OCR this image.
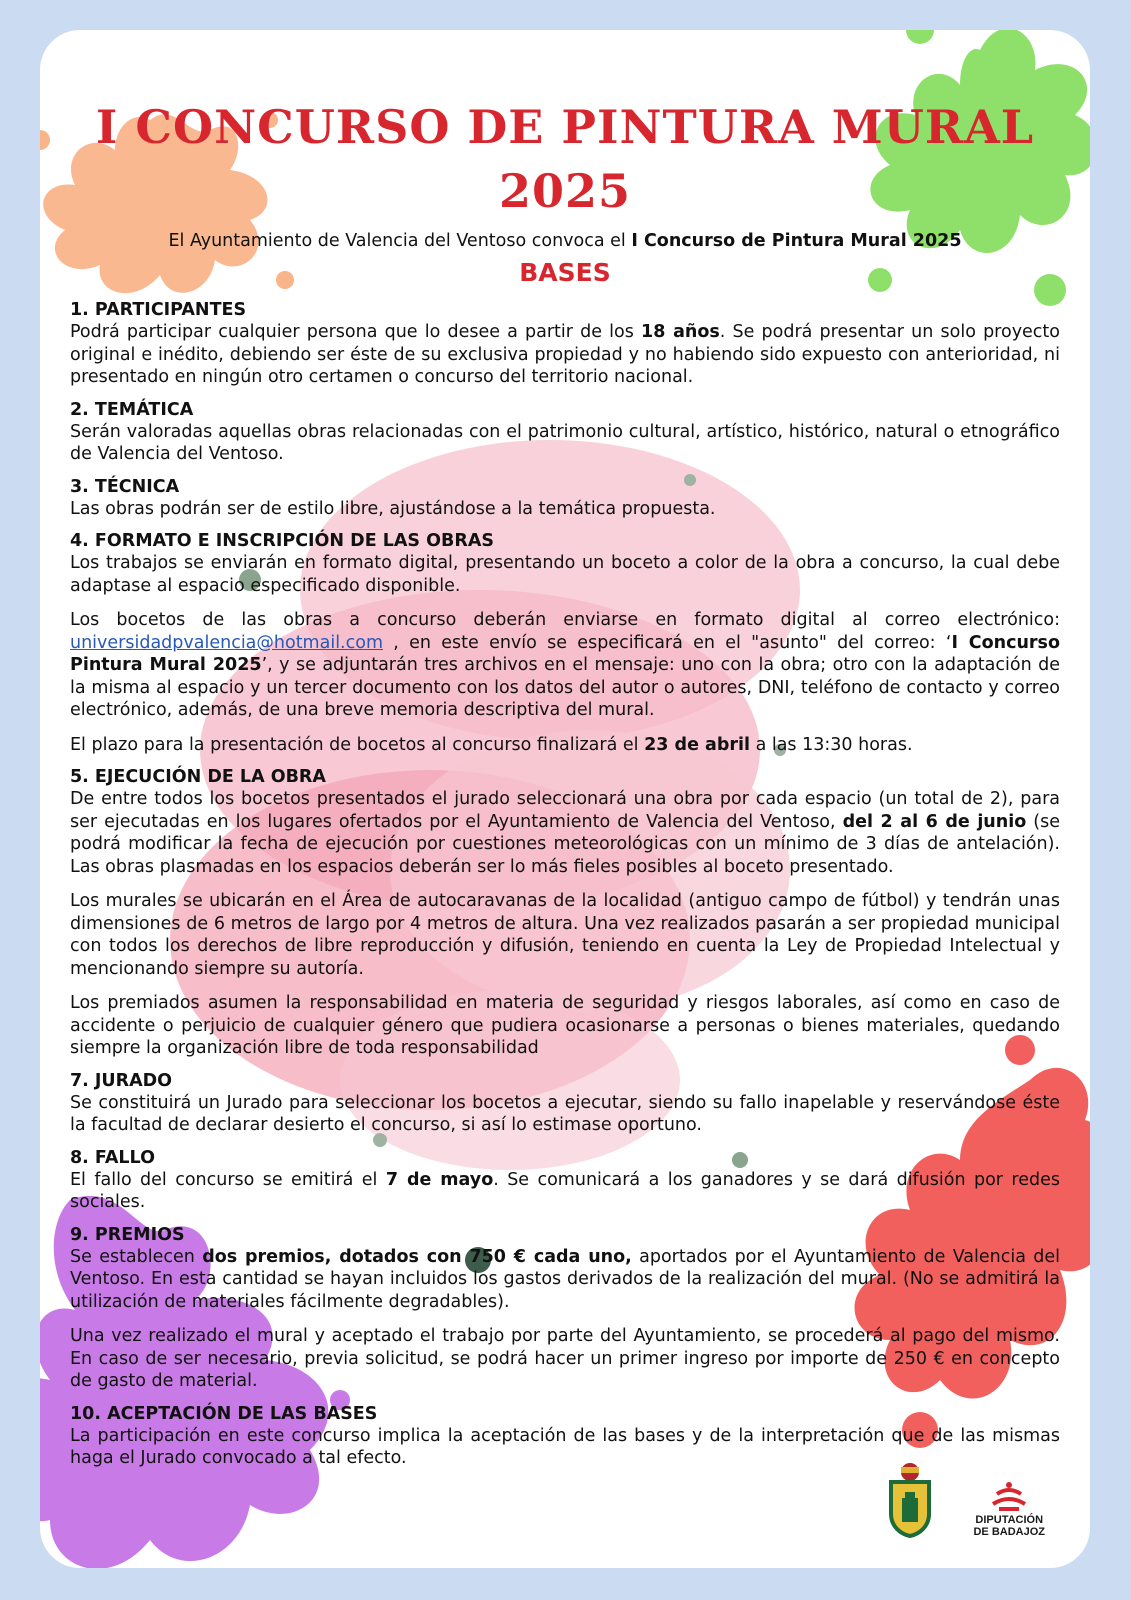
I CONCURSO DE PINTURA MURAL 2025
El Ayuntamiento de Valencia del Ventoso convoca el I Concurso de Pintura Mural 2025
BASES
1. PARTICIPANTES

Podrá participar cualquier persona que lo desee a partir de los 18 años. Se podrá presentar un solo proyecto original e inédito, debiendo ser éste de su exclusiva propiedad y no habiendo sido expuesto con anterioridad, ni presentado en ningún otro certamen o concurso del territorio nacional.

2. TEMÁTICA

Serán valoradas aquellas obras relacionadas con el patrimonio cultural, artístico, histórico, natural o etnográfico de Valencia del Ventoso.

3. TÉCNICA

Las obras podrán ser de estilo libre, ajustándose a la temática propuesta.

4. FORMATO E INSCRIPCIÓN DE LAS OBRAS

Los trabajos se enviarán en formato digital, presentando un boceto a color de la obra a concurso, la cual debe adaptase al espacio especificado disponible.

Los bocetos de las obras a concurso deberán enviarse en formato digital al correo electrónico: universidadpvalencia@hotmail.com , en este envío se especificará en el "asunto" del correo: ‘I Concurso Pintura Mural 2025’, y se adjuntarán tres archivos en el mensaje: uno con la obra; otro con la adaptación de la misma al espacio y un tercer documento con los datos del autor o autores, DNI, teléfono de contacto y correo electrónico, además, de una breve memoria descriptiva del mural.

El plazo para la presentación de bocetos al concurso finalizará el 23 de abril a las 13:30 horas.

5. EJECUCIÓN DE LA OBRA

De entre todos los bocetos presentados el jurado seleccionará una obra por cada espacio (un total de 2), para ser ejecutadas en los lugares ofertados por el Ayuntamiento de Valencia del Ventoso, del 2 al 6 de junio (se podrá modificar la fecha de ejecución por cuestiones meteorológicas con un mínimo de 3 días de antelación). Las obras plasmadas en los espacios deberán ser lo más fieles posibles al boceto presentado.

Los murales se ubicarán en el Área de autocaravanas de la localidad (antiguo campo de fútbol) y tendrán unas dimensiones de 6 metros de largo por 4 metros de altura. Una vez realizados pasarán a ser propiedad municipal con todos los derechos de libre reproducción y difusión, teniendo en cuenta la Ley de Propiedad Intelectual y mencionando siempre su autoría.

Los premiados asumen la responsabilidad en materia de seguridad y riesgos laborales, así como en caso de accidente o perjuicio de cualquier género que pudiera ocasionarse a personas o bienes materiales, quedando siempre la organización libre de toda responsabilidad

7. JURADO

Se constituirá un Jurado para seleccionar los bocetos a ejecutar, siendo su fallo inapelable y reservándose éste la facultad de declarar desierto el concurso, si así lo estimase oportuno.

8. FALLO

El fallo del concurso se emitirá el 7 de mayo. Se comunicará a los ganadores y se dará difusión por redes sociales.

9. PREMIOS

Se establecen dos premios, dotados con 750 € cada uno, aportados por el Ayuntamiento de Valencia del Ventoso. En esta cantidad se hayan incluidos los gastos derivados de la realización del mural. (No se admitirá la utilización de materiales fácilmente degradables).

Una vez realizado el mural y aceptado el trabajo por parte del Ayuntamiento, se procederá al pago del mismo. En caso de ser necesario, previa solicitud, se podrá hacer un primer ingreso por importe de 250 € en concepto de gasto de material.

10. ACEPTACIÓN DE LAS BASES

La participación en este concurso implica la aceptación de las bases y de la interpretación que de las mismas haga el Jurado convocado a tal efecto.

DIPUTACIÓN
DE BADAJOZ
